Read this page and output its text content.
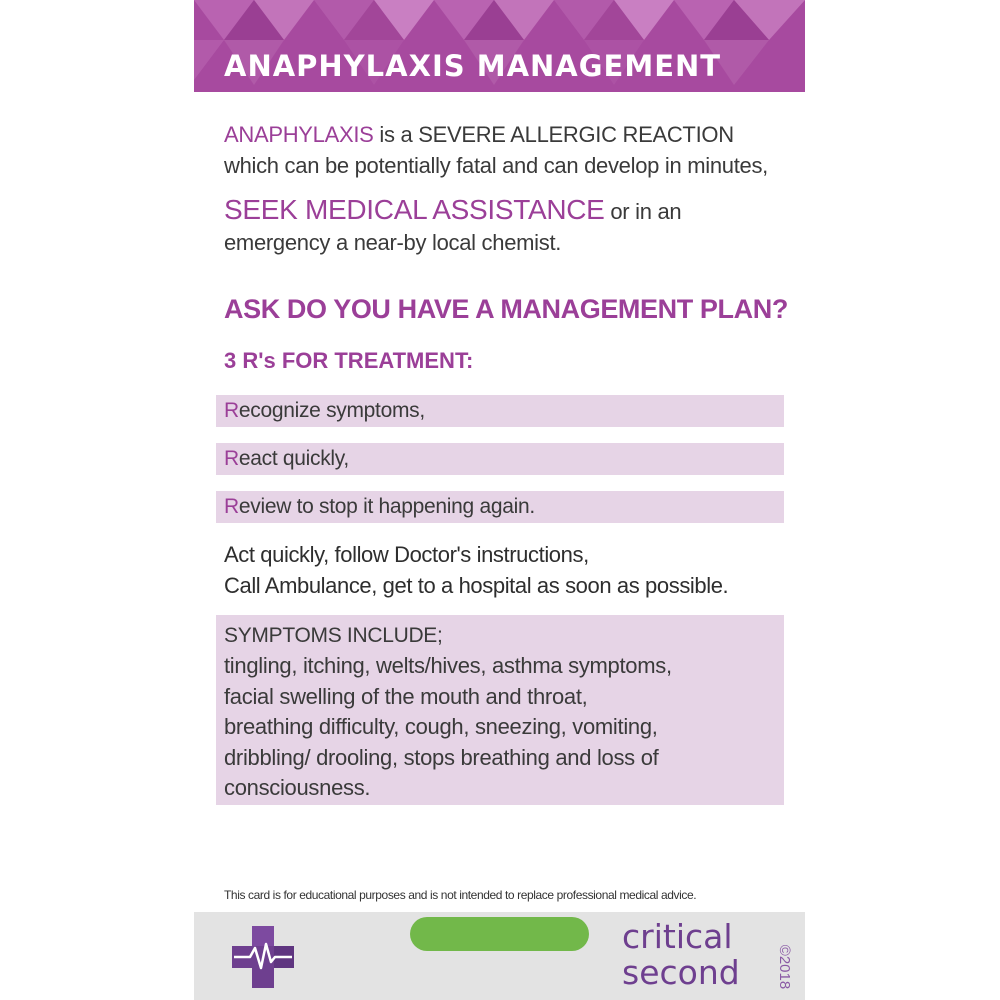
ANAPHYLAXIS MANAGEMENT

ANAPHYLAXIS is a SEVERE ALLERGIC REACTION which can be potentially fatal and can develop in minutes,

SEEK MEDICAL ASSISTANCE or in an emergency a near-by local chemist.

ASK DO YOU HAVE A MANAGEMENT PLAN?
3 R's FOR TREATMENT:
Recognize symptoms,
React quickly,
Review to stop it happening again.

Act quickly, follow Doctor's instructions,
Call Ambulance, get to a hospital as soon as possible.

SYMPTOMS INCLUDE;

tingling, itching, welts/hives, asthma symptoms,
facial swelling of the mouth and throat,
breathing difficulty, cough, sneezing, vomiting,
dribbling/ drooling, stops breathing and loss of
consciousness.

This card is for educational purposes and is not intended to replace professional medical advice.

critical

second ©2018
